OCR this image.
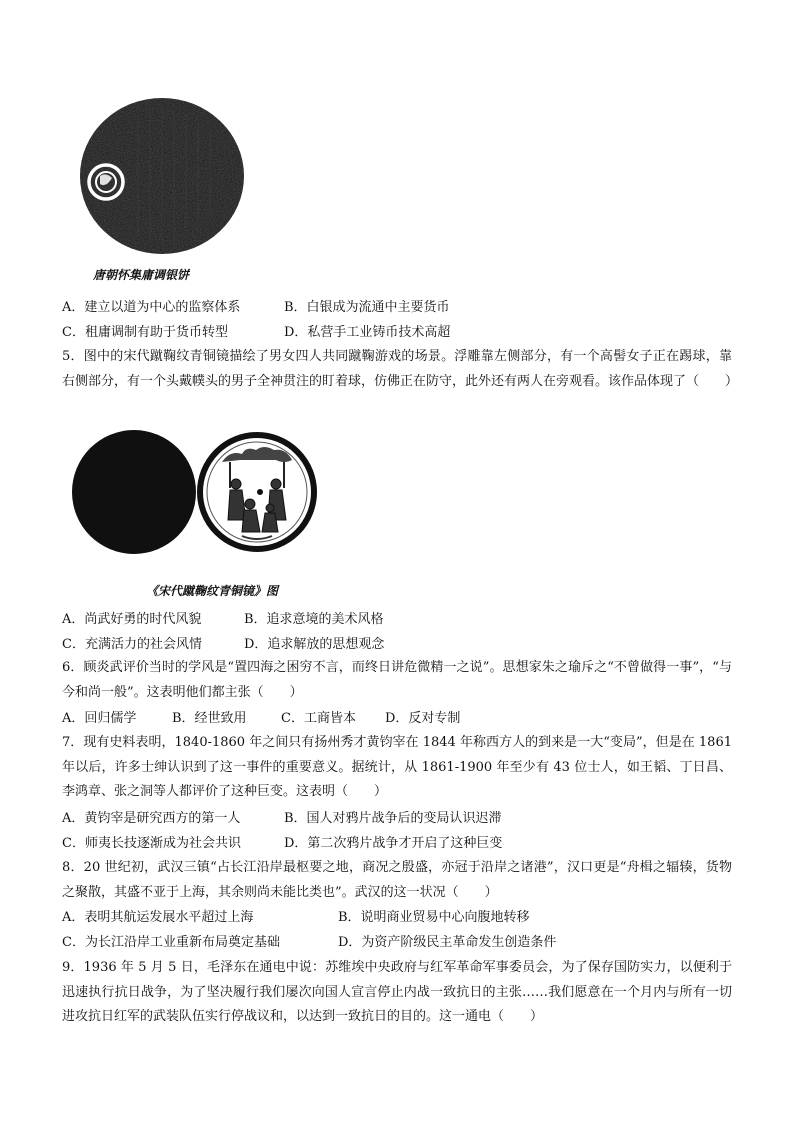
唐朝怀集庸调银饼
A．建立以道为中心的监察体系	B．白银成为流通中主要货币
C．租庸调制有助于货币转型	D．私营手工业铸币技术高超
5．图中的宋代蹴鞠纹青铜镜描绘了男女四人共同蹴鞠游戏的场景。浮雕靠左侧部分，有一个高髻女子正在踢球，靠右侧部分，有一个头戴幞头的男子全神贯注的盯着球，仿佛正在防守，此外还有两人在旁观看。该作品体现了（　　）
《宋代蹴鞠纹青铜镜》图
A．尚武好勇的时代风貌	B．追求意境的美术风格
C．充满活力的社会风情	D．追求解放的思想观念
6．顾炎武评价当时的学风是“置四海之困穷不言，而终日讲危微精一之说”。思想家朱之瑜斥之“不曾做得一事”，“与今和尚一般”。这表明他们都主张（　　）
A．回归儒学	B．经世致用	C．工商皆本 D．反对专制
7．现有史料表明，1840-1860 年之间只有扬州秀才黄钧宰在 1844 年称西方人的到来是一大“变局”，但是在 1861 年以后，许多士绅认识到了这一事件的重要意义。据统计，从 1861-1900 年至少有 43 位士人，如王韬、丁日昌、李鸿章、张之洞等人都评价了这种巨变。这表明（　　）
A．黄钧宰是研究西方的第一人	B．国人对鸦片战争后的变局认识迟滞
C．师夷长技逐渐成为社会共识	D．第二次鸦片战争才开启了这种巨变
8．20 世纪初，武汉三镇“占长江沿岸最枢要之地，商况之殷盛，亦冠于沿岸之诸港”，汉口更是“舟楫之辐辏，货物之聚散，其盛不亚于上海，其余则尚未能比类也”。武汉的这一状况（　　）
A．表明其航运发展水平超过上海	B．说明商业贸易中心向腹地转移
C．为长江沿岸工业重新布局奠定基础	D．为资产阶级民主革命发生创造条件
9．1936 年 5 月 5 日，毛泽东在通电中说：苏维埃中央政府与红军革命军事委员会，为了保存国防实力，以便利于迅速执行抗日战争，为了坚决履行我们屡次向国人宣言停止内战一致抗日的主张……我们愿意在一个月内与所有一切进攻抗日红军的武装队伍实行停战议和，以达到一致抗日的目的。这一通电（　　）
